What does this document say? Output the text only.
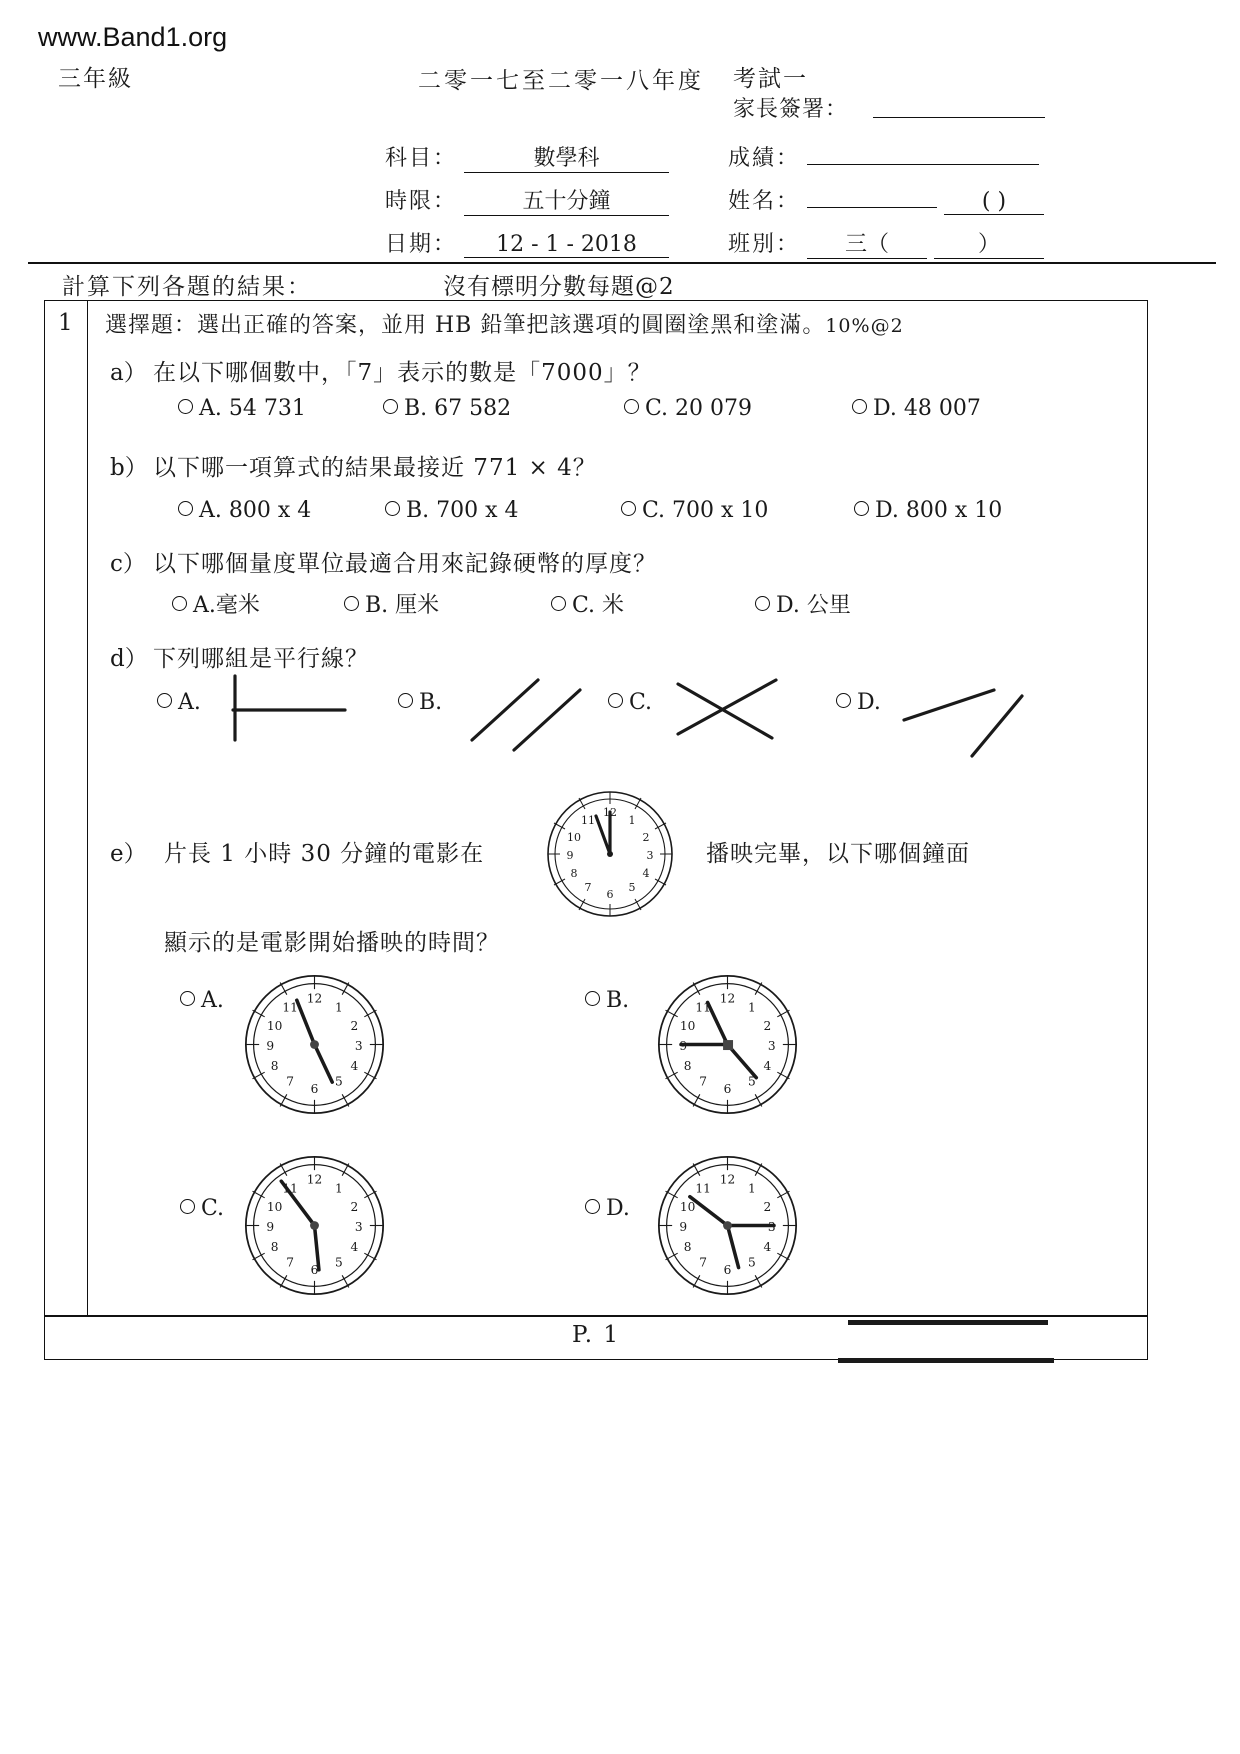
www.Band1.org
三年級	二零一七至二零一八年度 考試一
家長簽署：
科目：	數學科
時限：	五十分鐘
日期： 12 - 1 - 2018
成績：
姓名：	( )
班別： 三（	）
計算下列各題的結果：	沒有標明分數每題@2
1 選擇題：選出正確的答案，並用 HB 鉛筆把該選項的圓圈塗黑和塗滿。10%@2
a） 在以下哪個數中，「7」表示的數是「7000」？
A. 54 731	B. 67 582	C. 20 079	D. 48 007
b） 以下哪一項算式的結果最接近 771 × 4？
A. 800 x 4	B. 700 x 4	C. 700 x 10	D. 800 x 10
c） 以下哪個量度單位最適合用來記錄硬幣的厚度？
A.毫米	B. 厘米	C. 米	D. 公里
d） 下列哪組是平行線？
A.	B.	C.	D.
e） 片長 1 小時 30 分鐘的電影在	播映完畢，以下哪個鐘面
顯示的是電影開始播映的時間？
12
1
2
3
4
5
6
7
8
9
10
11
A.	12
1
2
3
4
5
6
7
8
9
10
11	B.	12
1
2
3
4
5
6
7
8
9
10
11
C.
12
1
2
3
4
5
6
7
8
9
10
11
D.
12
1
2
3
4
5
6
7
8
9
10
11
P. 1
